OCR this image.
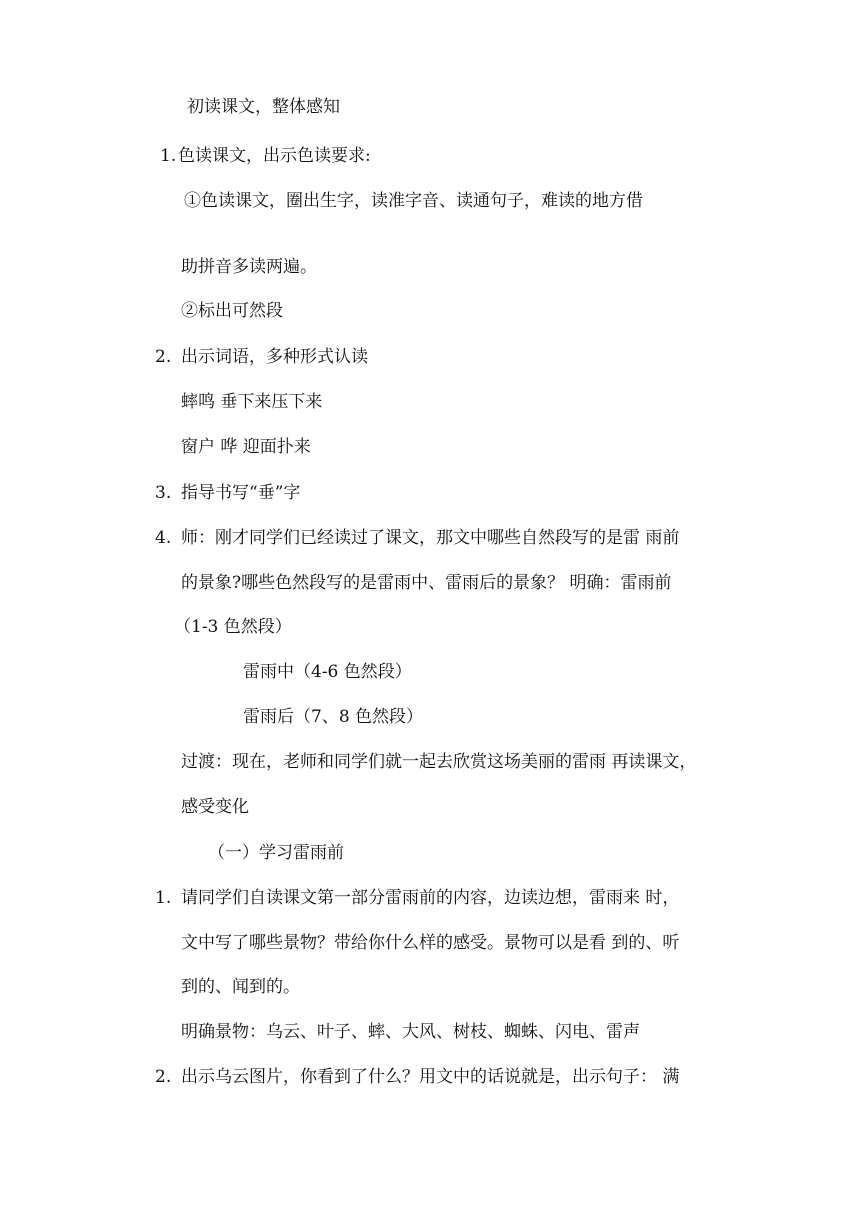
初读课文，整体感知
1. 色读课文，出示色读要求:
①色读课文，圈出生字，读准字音、读通句子，难读的地方借
助拼音多读两遍。
②标出可然段
2. 出示词语，多种形式认读
蟀鸣 垂下来压下来
窗户 哗 迎面扑来
3. 指导书写“垂”字
4. 师：刚才同学们已经读过了课文，那文中哪些自然段写的是雷 雨前
的景象?哪些色然段写的是雷雨中、雷雨后的景象？ 明确：雷雨前
（1-3 色然段）
雷雨中（4-6 色然段）
雷雨后（7、8 色然段）
过渡：现在，老师和同学们就一起去欣赏这场美丽的雷雨 再读课文，
感受变化
（一）学习雷雨前
1. 请同学们自读课文第一部分雷雨前的内容，边读边想，雷雨来 时，
文中写了哪些景物？带给你什么样的感受。景物可以是看 到的、听
到的、闻到的。
明确景物：乌云、叶子、蟀、大风、树枝、蜘蛛、闪电、雷声
2. 出示乌云图片，你看到了什么？用文中的话说就是，出示句子： 满
